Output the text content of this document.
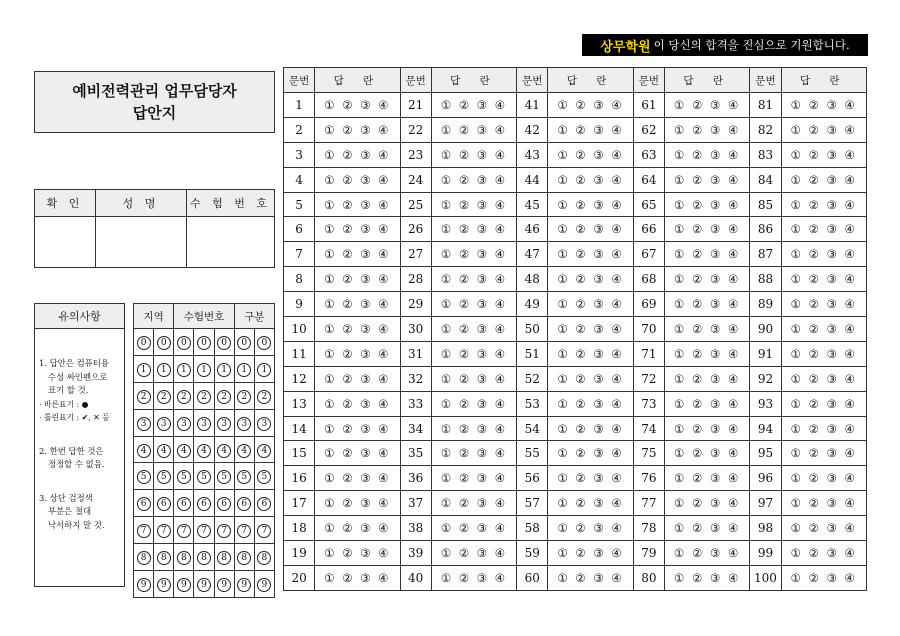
상무학원 이 당신의 합격을 진심으로 기원합니다.
예비전력관리 업무담당자
답안지
확 인	성 명	수 험 번 호

유의사항
1. 답안은 컴퓨터용
수성 싸인펜으로
표기 할 것.
· 바른표기 : ●
· 틀린표기 : ✔, ✕ 등
2. 한번 답한 것은
정정할 수 없음.
3. 상단 검정색
부분은 절대
낙서하지 말 것.
지역		수험번호			구분	
0	0	0	0	0	0	0
1	1	1	1	1	1	1
2	2	2	2	2	2	2
3	3	3	3	3	3	3
4	4	4	4	4	4	4
5	5	5	5	5	5	5
6	6	6	6	6	6	6
7	7	7	7	7	7	7
8	8	8	8	8	8	8
9	9	9	9	9	9	9
문번	답 란	문번	답 란	문번	답 란	문번	답 란	문번	답 란
1	① ② ③ ④	21	① ② ③ ④	41	① ② ③ ④	61	① ② ③ ④	81	① ② ③ ④
2	① ② ③ ④	22	① ② ③ ④	42	① ② ③ ④	62	① ② ③ ④	82	① ② ③ ④
3	① ② ③ ④	23	① ② ③ ④	43	① ② ③ ④	63	① ② ③ ④	83	① ② ③ ④
4	① ② ③ ④	24	① ② ③ ④	44	① ② ③ ④	64	① ② ③ ④	84	① ② ③ ④
5	① ② ③ ④	25	① ② ③ ④	45	① ② ③ ④	65	① ② ③ ④	85	① ② ③ ④
6	① ② ③ ④	26	① ② ③ ④	46	① ② ③ ④	66	① ② ③ ④	86	① ② ③ ④
7	① ② ③ ④	27	① ② ③ ④	47	① ② ③ ④	67	① ② ③ ④	87	① ② ③ ④
8	① ② ③ ④	28	① ② ③ ④	48	① ② ③ ④	68	① ② ③ ④	88	① ② ③ ④
9	① ② ③ ④	29	① ② ③ ④	49	① ② ③ ④	69	① ② ③ ④	89	① ② ③ ④
10	① ② ③ ④	30	① ② ③ ④	50	① ② ③ ④	70	① ② ③ ④	90	① ② ③ ④
11	① ② ③ ④	31	① ② ③ ④	51	① ② ③ ④	71	① ② ③ ④	91	① ② ③ ④
12	① ② ③ ④	32	① ② ③ ④	52	① ② ③ ④	72	① ② ③ ④	92	① ② ③ ④
13	① ② ③ ④	33	① ② ③ ④	53	① ② ③ ④	73	① ② ③ ④	93	① ② ③ ④
14	① ② ③ ④	34	① ② ③ ④	54	① ② ③ ④	74	① ② ③ ④	94	① ② ③ ④
15	① ② ③ ④	35	① ② ③ ④	55	① ② ③ ④	75	① ② ③ ④	95	① ② ③ ④
16	① ② ③ ④	36	① ② ③ ④	56	① ② ③ ④	76	① ② ③ ④	96	① ② ③ ④
17	① ② ③ ④	37	① ② ③ ④	57	① ② ③ ④	77	① ② ③ ④	97	① ② ③ ④
18	① ② ③ ④	38	① ② ③ ④	58	① ② ③ ④	78	① ② ③ ④	98	① ② ③ ④
19	① ② ③ ④	39	① ② ③ ④	59	① ② ③ ④	79	① ② ③ ④	99	① ② ③ ④
20	① ② ③ ④	40	① ② ③ ④	60	① ② ③ ④	80	① ② ③ ④	100	① ② ③ ④
